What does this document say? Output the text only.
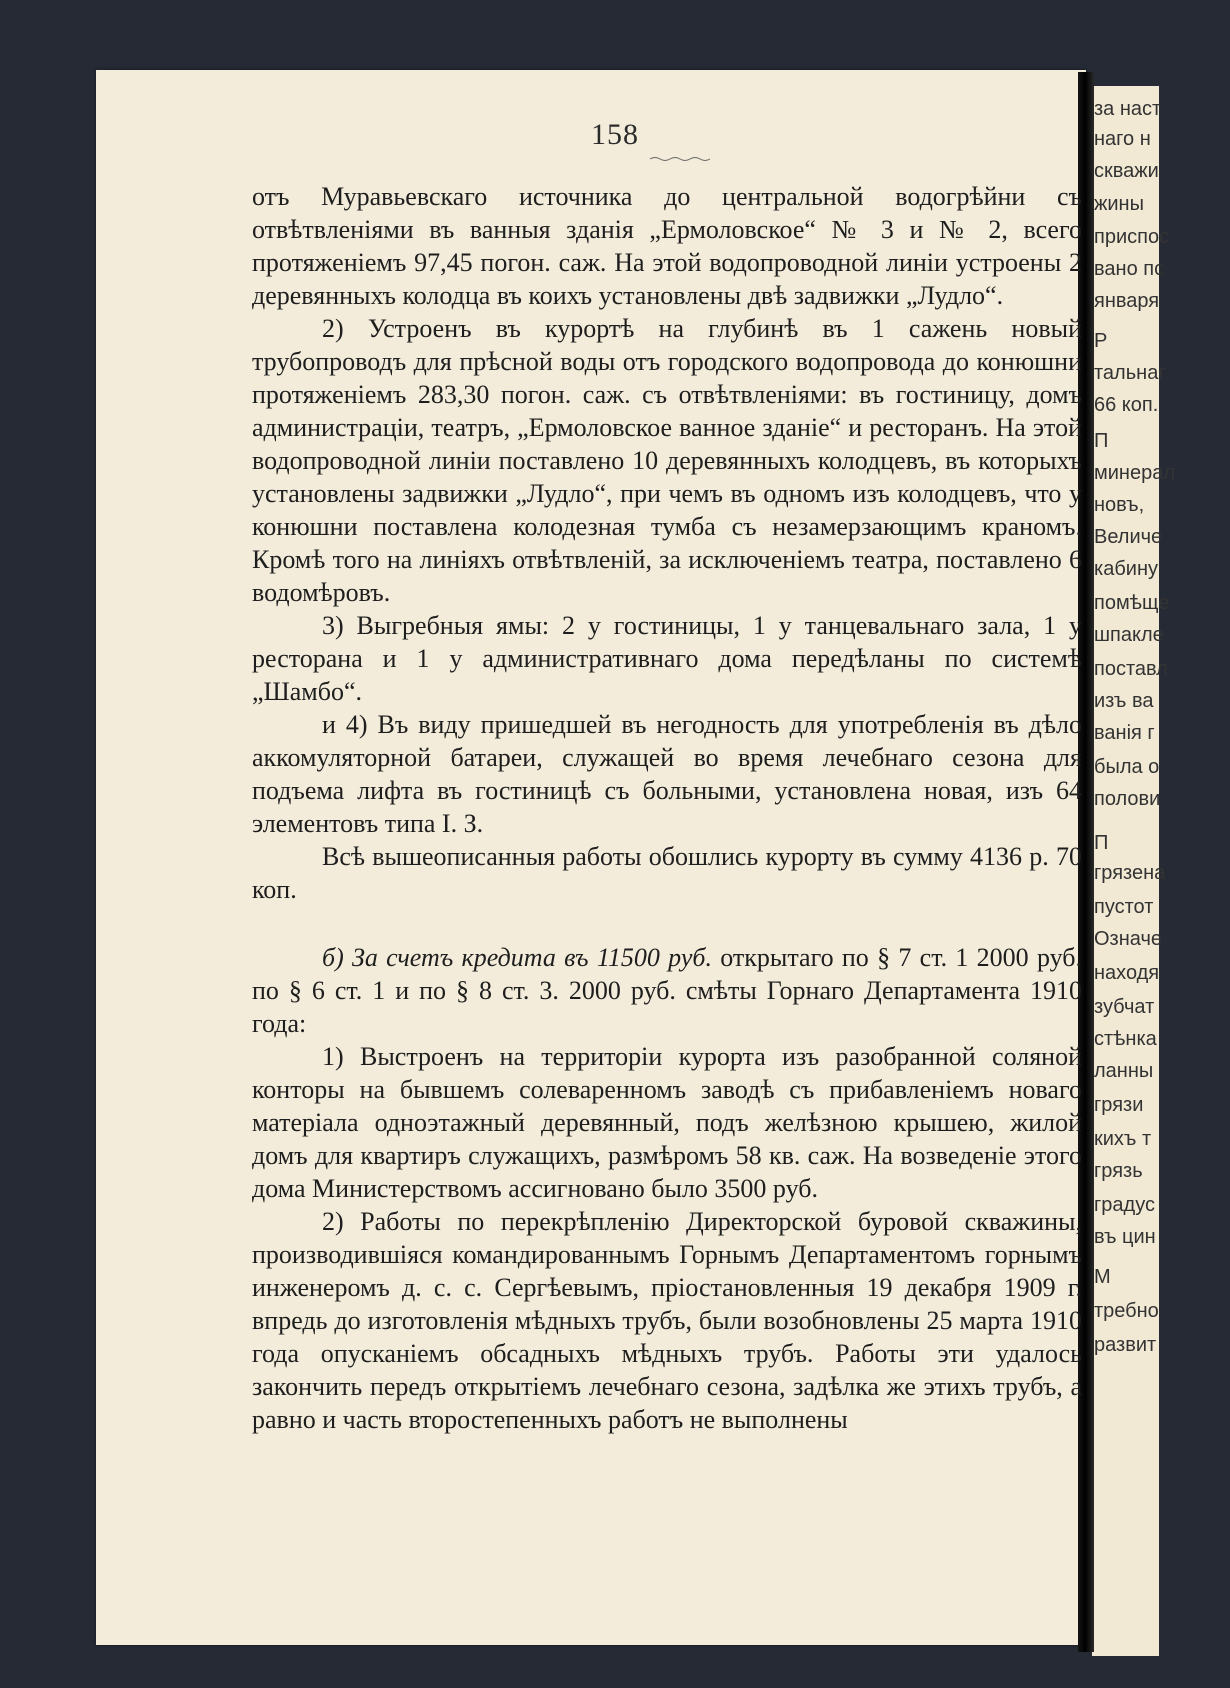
за наст
наго н
скважи
жины
приспос
вано пс
января
Р
тальнаг
66 коп.
П
минерал
новъ,
Величе
кабину
помѣще
шпакле
поставл
изъ ва
ванія г
была о
полови
П
грязена
пустот
Означе
находя
зубчат
стѣнка
ланны
грязи
кихъ т
грязь
градус
въ цин
М
требно
развит
158

отъ Муравьевскаго источника до центральной водогрѣйни съ отвѣтвленіями въ ванныя зданія „Ермоловское“ № 3 и № 2, всего протяженіемъ 97,45 погон. саж. На этой водопроводной линіи устроены 2 деревянныхъ колодца въ коихъ установлены двѣ задвижки „Лудло“.

2) Устроенъ въ курортѣ на глубинѣ въ 1 сажень новый трубопроводъ для прѣсной воды отъ городского водопровода до конюшни протяженіемъ 283,30 погон. саж. съ отвѣтвленіями: въ гостиницу, домъ администраціи, театръ, „Ермоловское ванное зданіе“ и ресторанъ. На этой водопроводной линіи поставлено 10 деревянныхъ колодцевъ, въ которыхъ установлены задвижки „Лудло“, при чемъ въ одномъ изъ колодцевъ, что у конюшни поставлена колодезная тумба съ незамерзающимъ краномъ. Кромѣ того на линіяхъ отвѣтвленій, за исключеніемъ театра, поставлено 6 водомѣровъ.

3) Выгребныя ямы: 2 у гостиницы, 1 у танцевальнаго зала, 1 у ресторана и 1 у административнаго дома передѣланы по системѣ „Шамбо“.

и 4) Въ виду пришедшей въ негодность для употребленія въ дѣло аккомуляторной батареи, служащей во время лечебнаго сезона для подъема лифта въ гостиницѣ съ больными, установлена новая, изъ 64 элементовъ типа I. З.

Всѣ вышеописанныя работы обошлись курорту въ сумму 4136 р. 70 коп.

б) За счетъ кредита въ 11500 руб. открытаго по § 7 ст. 1 2000 руб. по § 6 ст. 1 и по § 8 ст. 3. 2000 руб. смѣты Горнаго Департамента 1910 года:

1) Выстроенъ на территоріи курорта изъ разобранной соляной конторы на бывшемъ солеваренномъ заводѣ съ прибавленіемъ новаго матеріала одноэтажный деревянный, подъ желѣзною крышею, жилой домъ для квартиръ служащихъ, размѣромъ 58 кв. саж. На возведеніе этого дома Министерствомъ ассигновано было 3500 руб.

2) Работы по перекрѣпленію Директорской буровой скважины, производившіяся командированнымъ Горнымъ Департаментомъ горнымъ инженеромъ д. с. с. Сергѣевымъ, пріостановленныя 19 декабря 1909 г. впредь до изготовленія мѣдныхъ трубъ, были возобновлены 25 марта 1910 года опусканіемъ обсадныхъ мѣдныхъ трубъ. Работы эти удалось закончить передъ открытіемъ лечебнаго сезона, задѣлка же этихъ трубъ, а равно и часть второстепенныхъ работъ не выполнены
